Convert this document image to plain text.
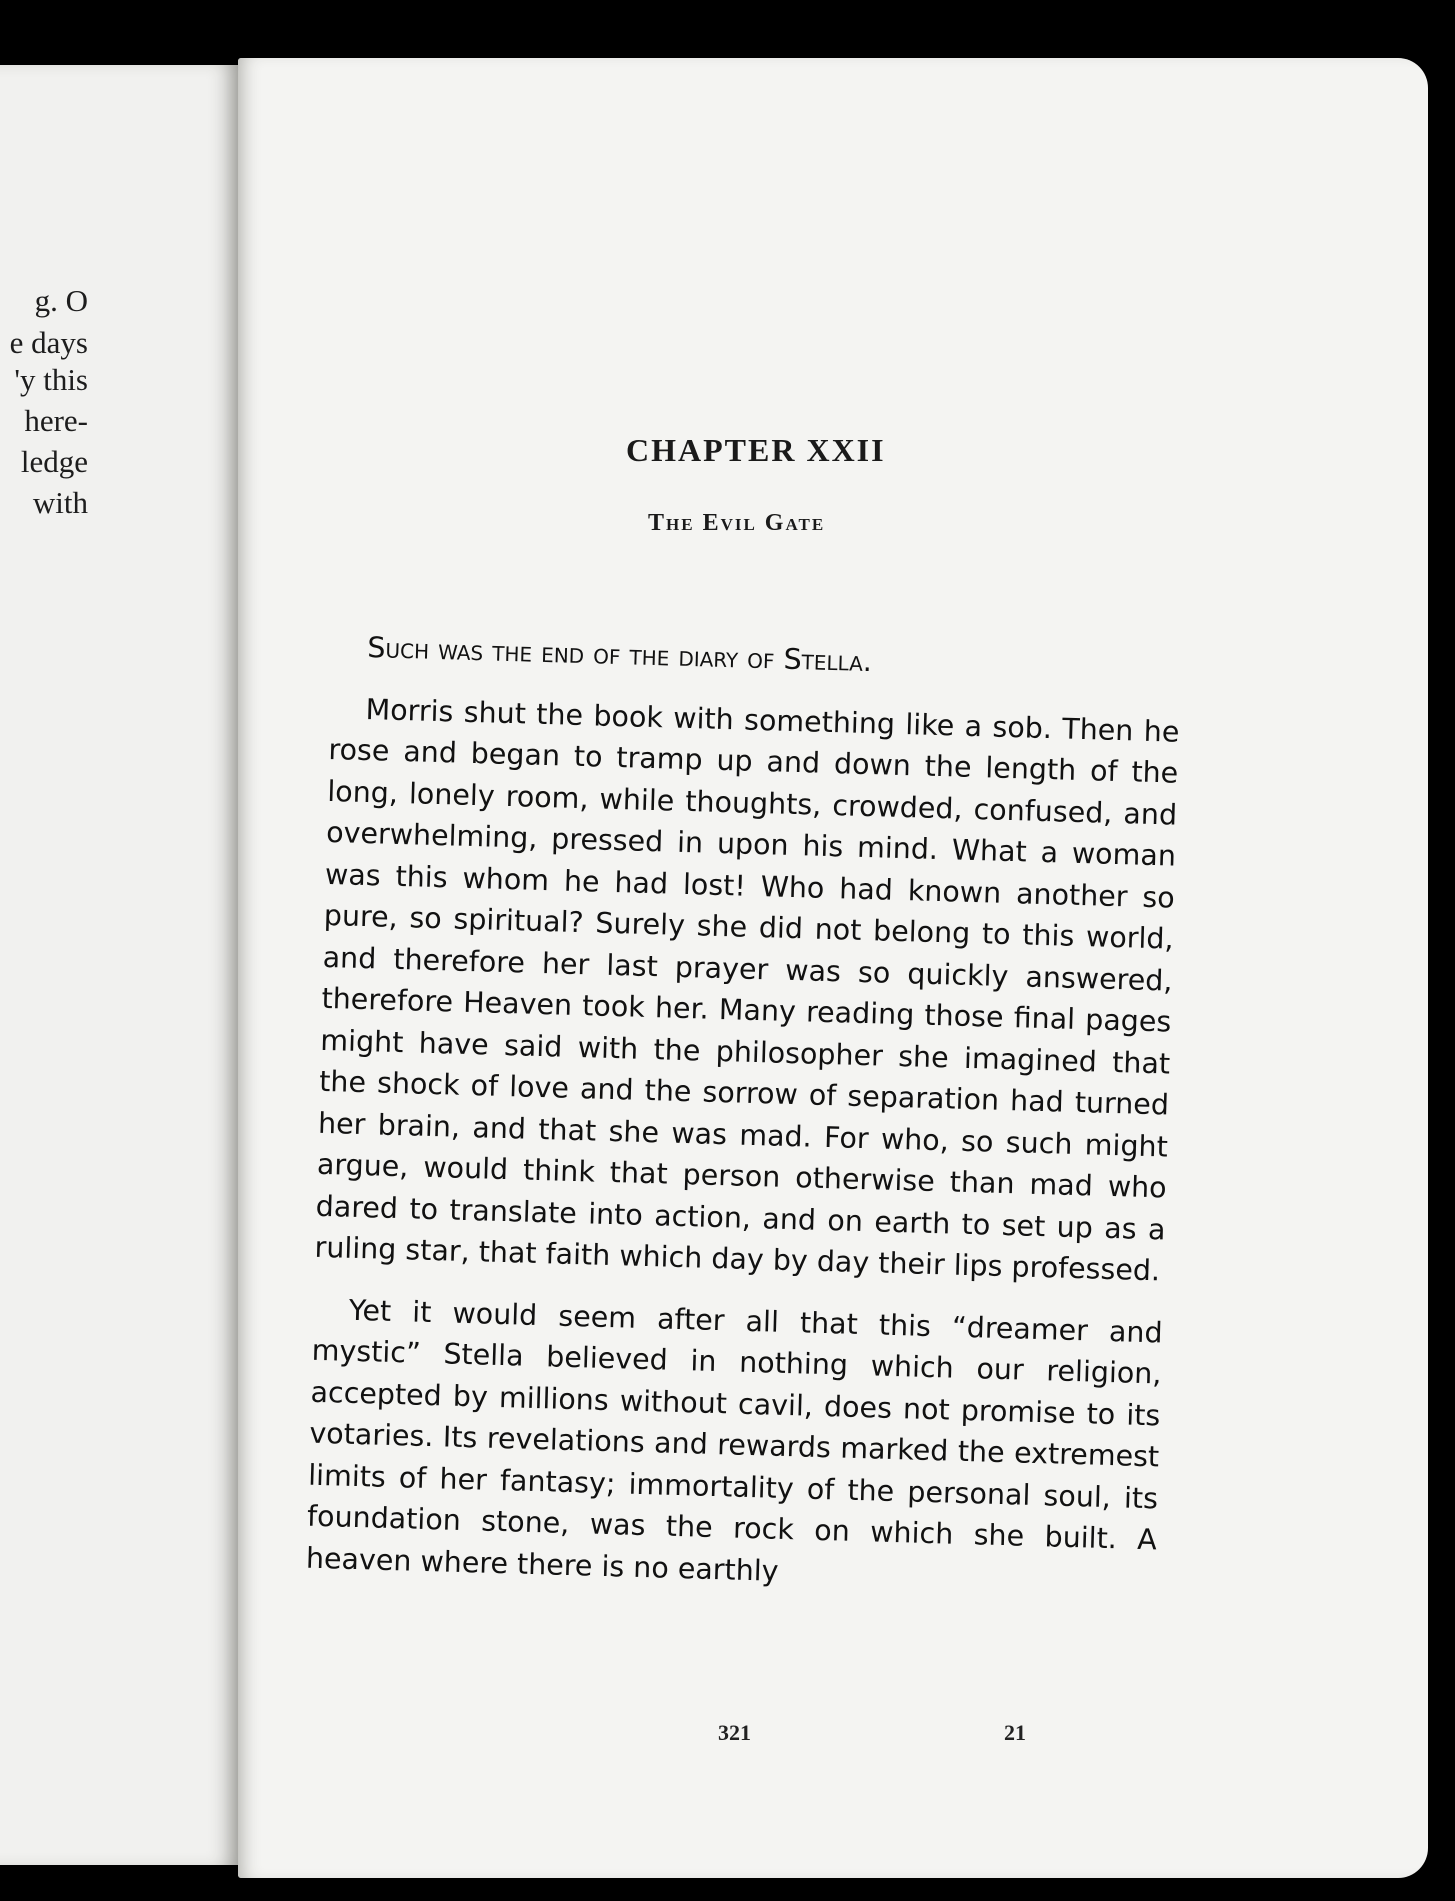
g. O
e days
'y this
here-
ledge
with
CHAPTER XXII
The Evil Gate

Such was the end of the diary of Stella.

Morris shut the book with something like a sob. Then he rose and began to tramp up and down the length of the long, lonely room, while thoughts, crowded, confused, and overwhelming, pressed in upon his mind. What a woman was this whom he had lost! Who had known another so pure, so spiritual? Surely she did not belong to this world, and therefore her last prayer was so quickly answered, therefore Heaven took her. Many reading those final pages might have said with the philosopher she imagined that the shock of love and the sorrow of separation had turned her brain, and that she was mad. For who, so such might argue, would think that person otherwise than mad who dared to translate into action, and on earth to set up as a ruling star, that faith which day by day their lips professed.

Yet it would seem after all that this “dreamer and mystic” Stella believed in nothing which our religion, accepted by millions without cavil, does not promise to its votaries. Its revelations and rewards marked the extremest limits of her fantasy; immortality of the personal soul, its foundation stone, was the rock on which she built. A heaven where there is no earthly

321	21
